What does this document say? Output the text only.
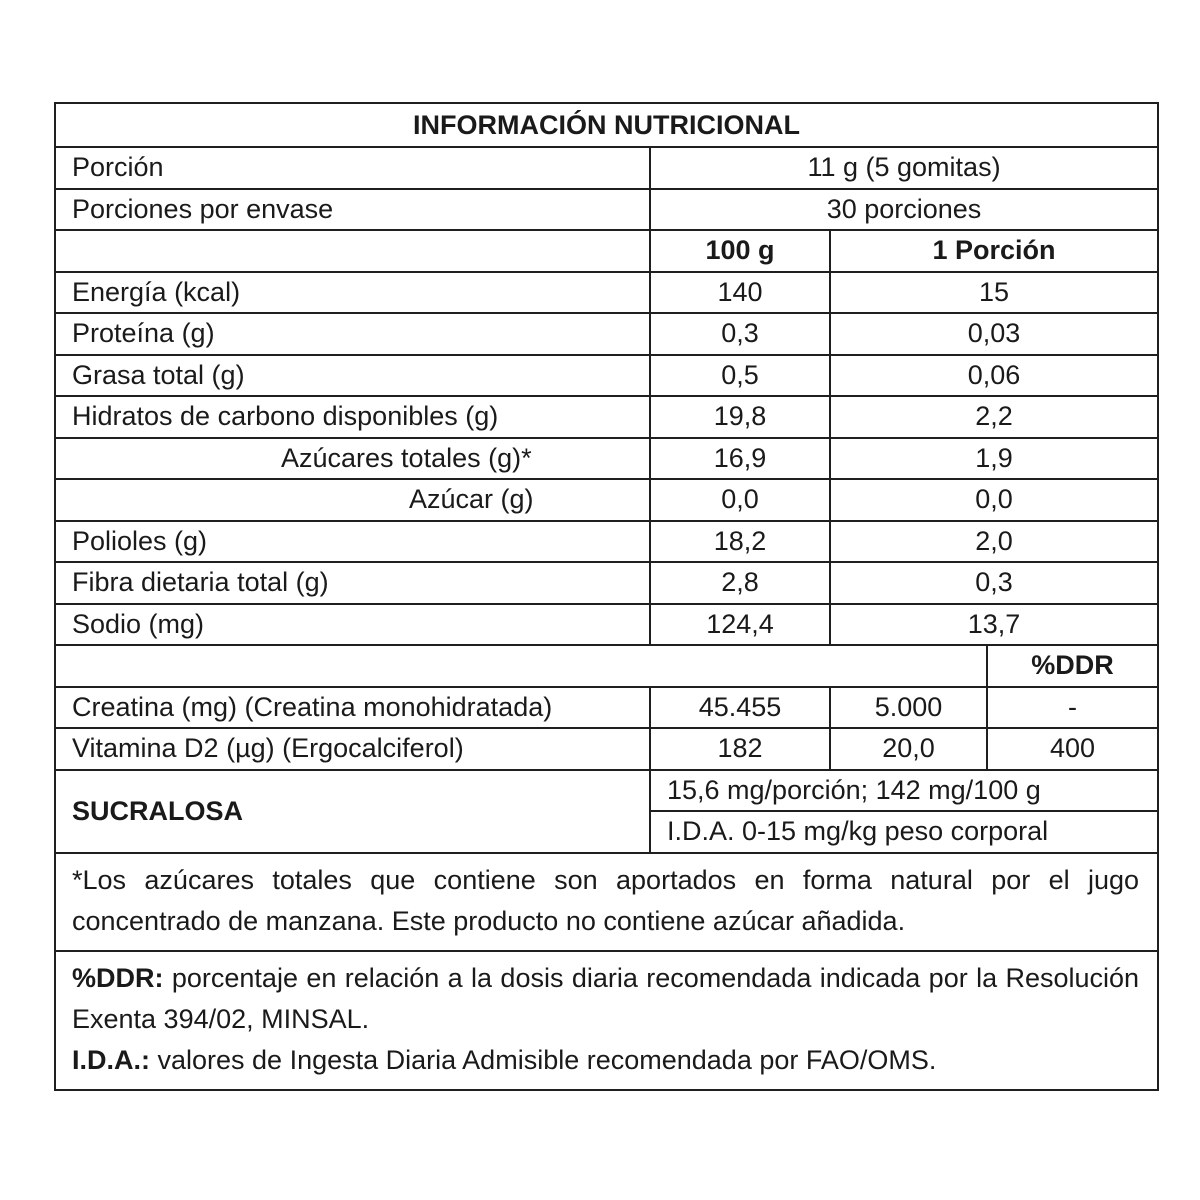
INFORMACIÓN NUTRICIONAL			
Porción	11 g (5 gomitas)		
Porciones por envase	30 porciones		
	100 g	1 Porción	
Energía (kcal)	140	15	
Proteína (g)	0,3	0,03	
Grasa total (g)	0,5	0,06	
Hidratos de carbono disponibles (g)	19,8	2,2	
Azúcares totales (g)*	16,9	1,9	
Azúcar (g)	0,0	0,0	
Polioles (g)	18,2	2,0	
Fibra dietaria total (g)	2,8	0,3	
Sodio (mg)	124,4	13,7	
			%DDR
Creatina (mg) (Creatina monohidratada)	45.455	5.000	-
Vitamina D2 (µg) (Ergocalciferol)	182	20,0	400
SUCRALOSA	15,6 mg/porción; 142 mg/100 g		
	I.D.A. 0-15 mg/kg peso corporal		
*Los azúcares totales que contiene son aportados en forma natural por el jugo concentrado de manzana. Este producto no contiene azúcar añadida.			

%DDR: porcentaje en relación a la dosis diaria recomendada indicada por la Resolución Exenta 394/02, MINSAL.
I.D.A.: valores de Ingesta Diaria Admisible recomendada por FAO/OMS.			
